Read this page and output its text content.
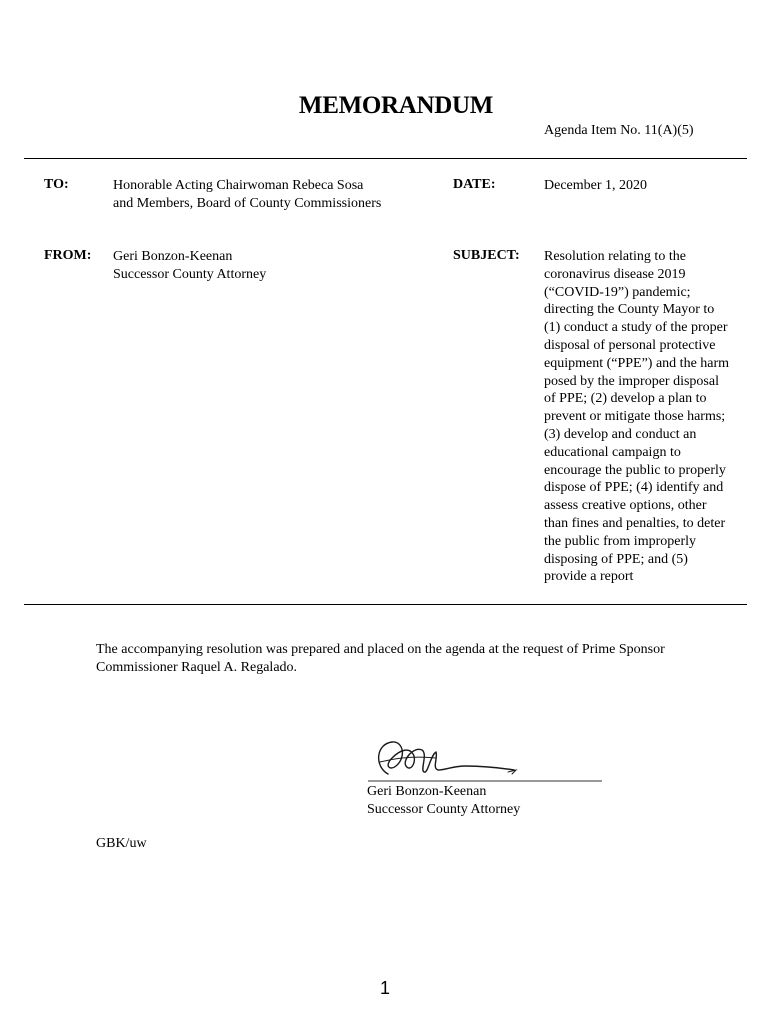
MEMORANDUM
Agenda Item No. 11(A)(5)
TO:	Honorable Acting Chairwoman Rebeca Sosa
and Members, Board of County Commissioners
DATE:	December 1, 2020
FROM: Geri Bonzon-Keenan
Successor County Attorney
SUBJECT: Resolution relating to the
coronavirus disease 2019
(“COVID-19”) pandemic;
directing the County Mayor to
(1) conduct a study of the proper
disposal of personal protective
equipment (“PPE”) and the harm
posed by the improper disposal
of PPE; (2) develop a plan to
prevent or mitigate those harms;
(3) develop and conduct an
educational campaign to
encourage the public to properly
dispose of PPE; (4) identify and
assess creative options, other
than fines and penalties, to deter
the public from improperly
disposing of PPE; and (5)
provide a report
The accompanying resolution was prepared and placed on the agenda at the request of Prime Sponsor
Commissioner Raquel A. Regalado.
Geri Bonzon-Keenan
Successor County Attorney
GBK/uw
1
